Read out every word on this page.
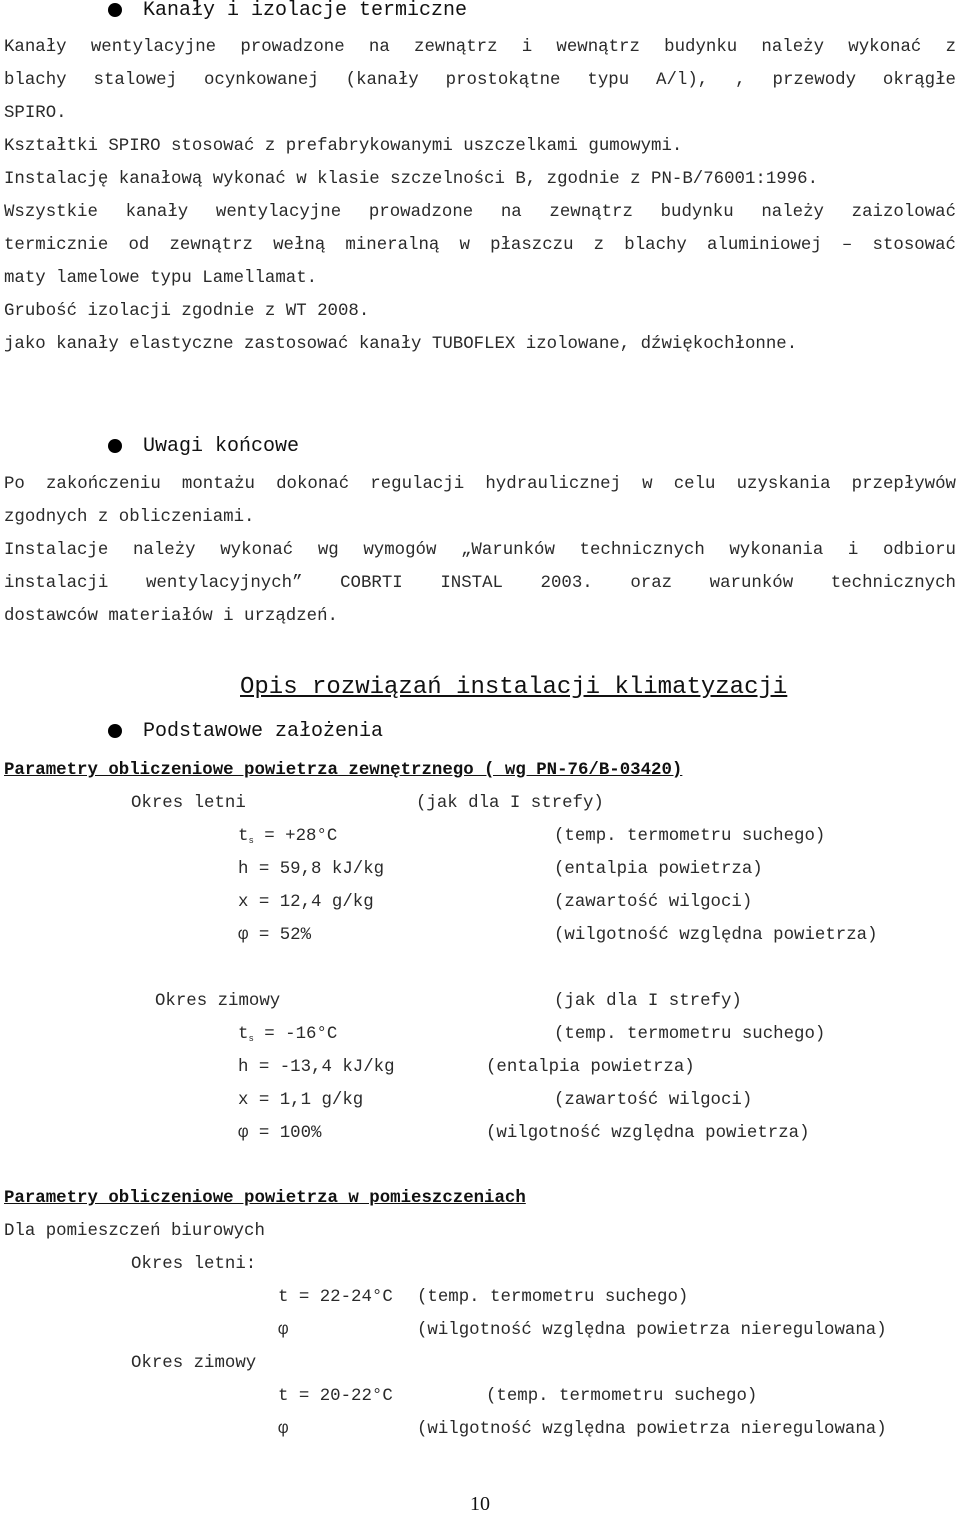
Kanały i izolacje termiczne
Kanały wentylacyjne prowadzone na zewnątrz i wewnątrz budynku należy wykonać z
blachy stalowej ocynkowanej (kanały prostokątne typu A/l), , przewody okrągłe
SPIRO.
Kształtki SPIRO stosować z prefabrykowanymi uszczelkami gumowymi.
Instalację kanałową wykonać w klasie szczelności B, zgodnie z PN-B/76001:1996.
Wszystkie kanały wentylacyjne prowadzone na zewnątrz budynku należy zaizolować
termicznie od zewnątrz wełną mineralną w płaszczu z blachy aluminiowej – stosować
maty lamelowe typu Lamellamat.
Grubość izolacji zgodnie z WT 2008.
jako kanały elastyczne zastosować kanały TUBOFLEX izolowane, dźwiękochłonne.
Uwagi końcowe
Po zakończeniu montażu dokonać regulacji hydraulicznej w celu uzyskania przepływów
zgodnych z obliczeniami.
Instalacje należy wykonać wg wymogów „Warunków technicznych wykonania i odbioru
instalacji wentylacyjnych” COBRTI INSTAL 2003. oraz warunków technicznych
dostawców materiałów i urządzeń.
Opis rozwiązań instalacji klimatyzacji
Podstawowe założenia
Parametry obliczeniowe powietrza zewnętrznego ( wg PN-76/B-03420)
Okres letni	(jak dla I strefy)
$t_s = +28^\circ C$	(temp. termometru suchego)
h = 59,8 kJ/kg	(entalpia powietrza)
x = 12,4 g/kg	(zawartość wilgoci)
φ = 52%	(wilgotność względna powietrza)
Okres zimowy	(jak dla I strefy)
$t_s = -16^\circ C$	(temp. termometru suchego)
h = -13,4 kJ/kg	(entalpia powietrza)
x = 1,1 g/kg	(zawartość wilgoci)
φ = 100%	(wilgotność względna powietrza)
Parametry obliczeniowe powietrza w pomieszczeniach
Dla pomieszczeń biurowych
Okres letni:
t = 22-24°C (temp. termometru suchego)
φ	(wilgotność względna powietrza nieregulowana)
Okres zimowy
t = 20-22°C	(temp. termometru suchego)
φ	(wilgotność względna powietrza nieregulowana)
10
